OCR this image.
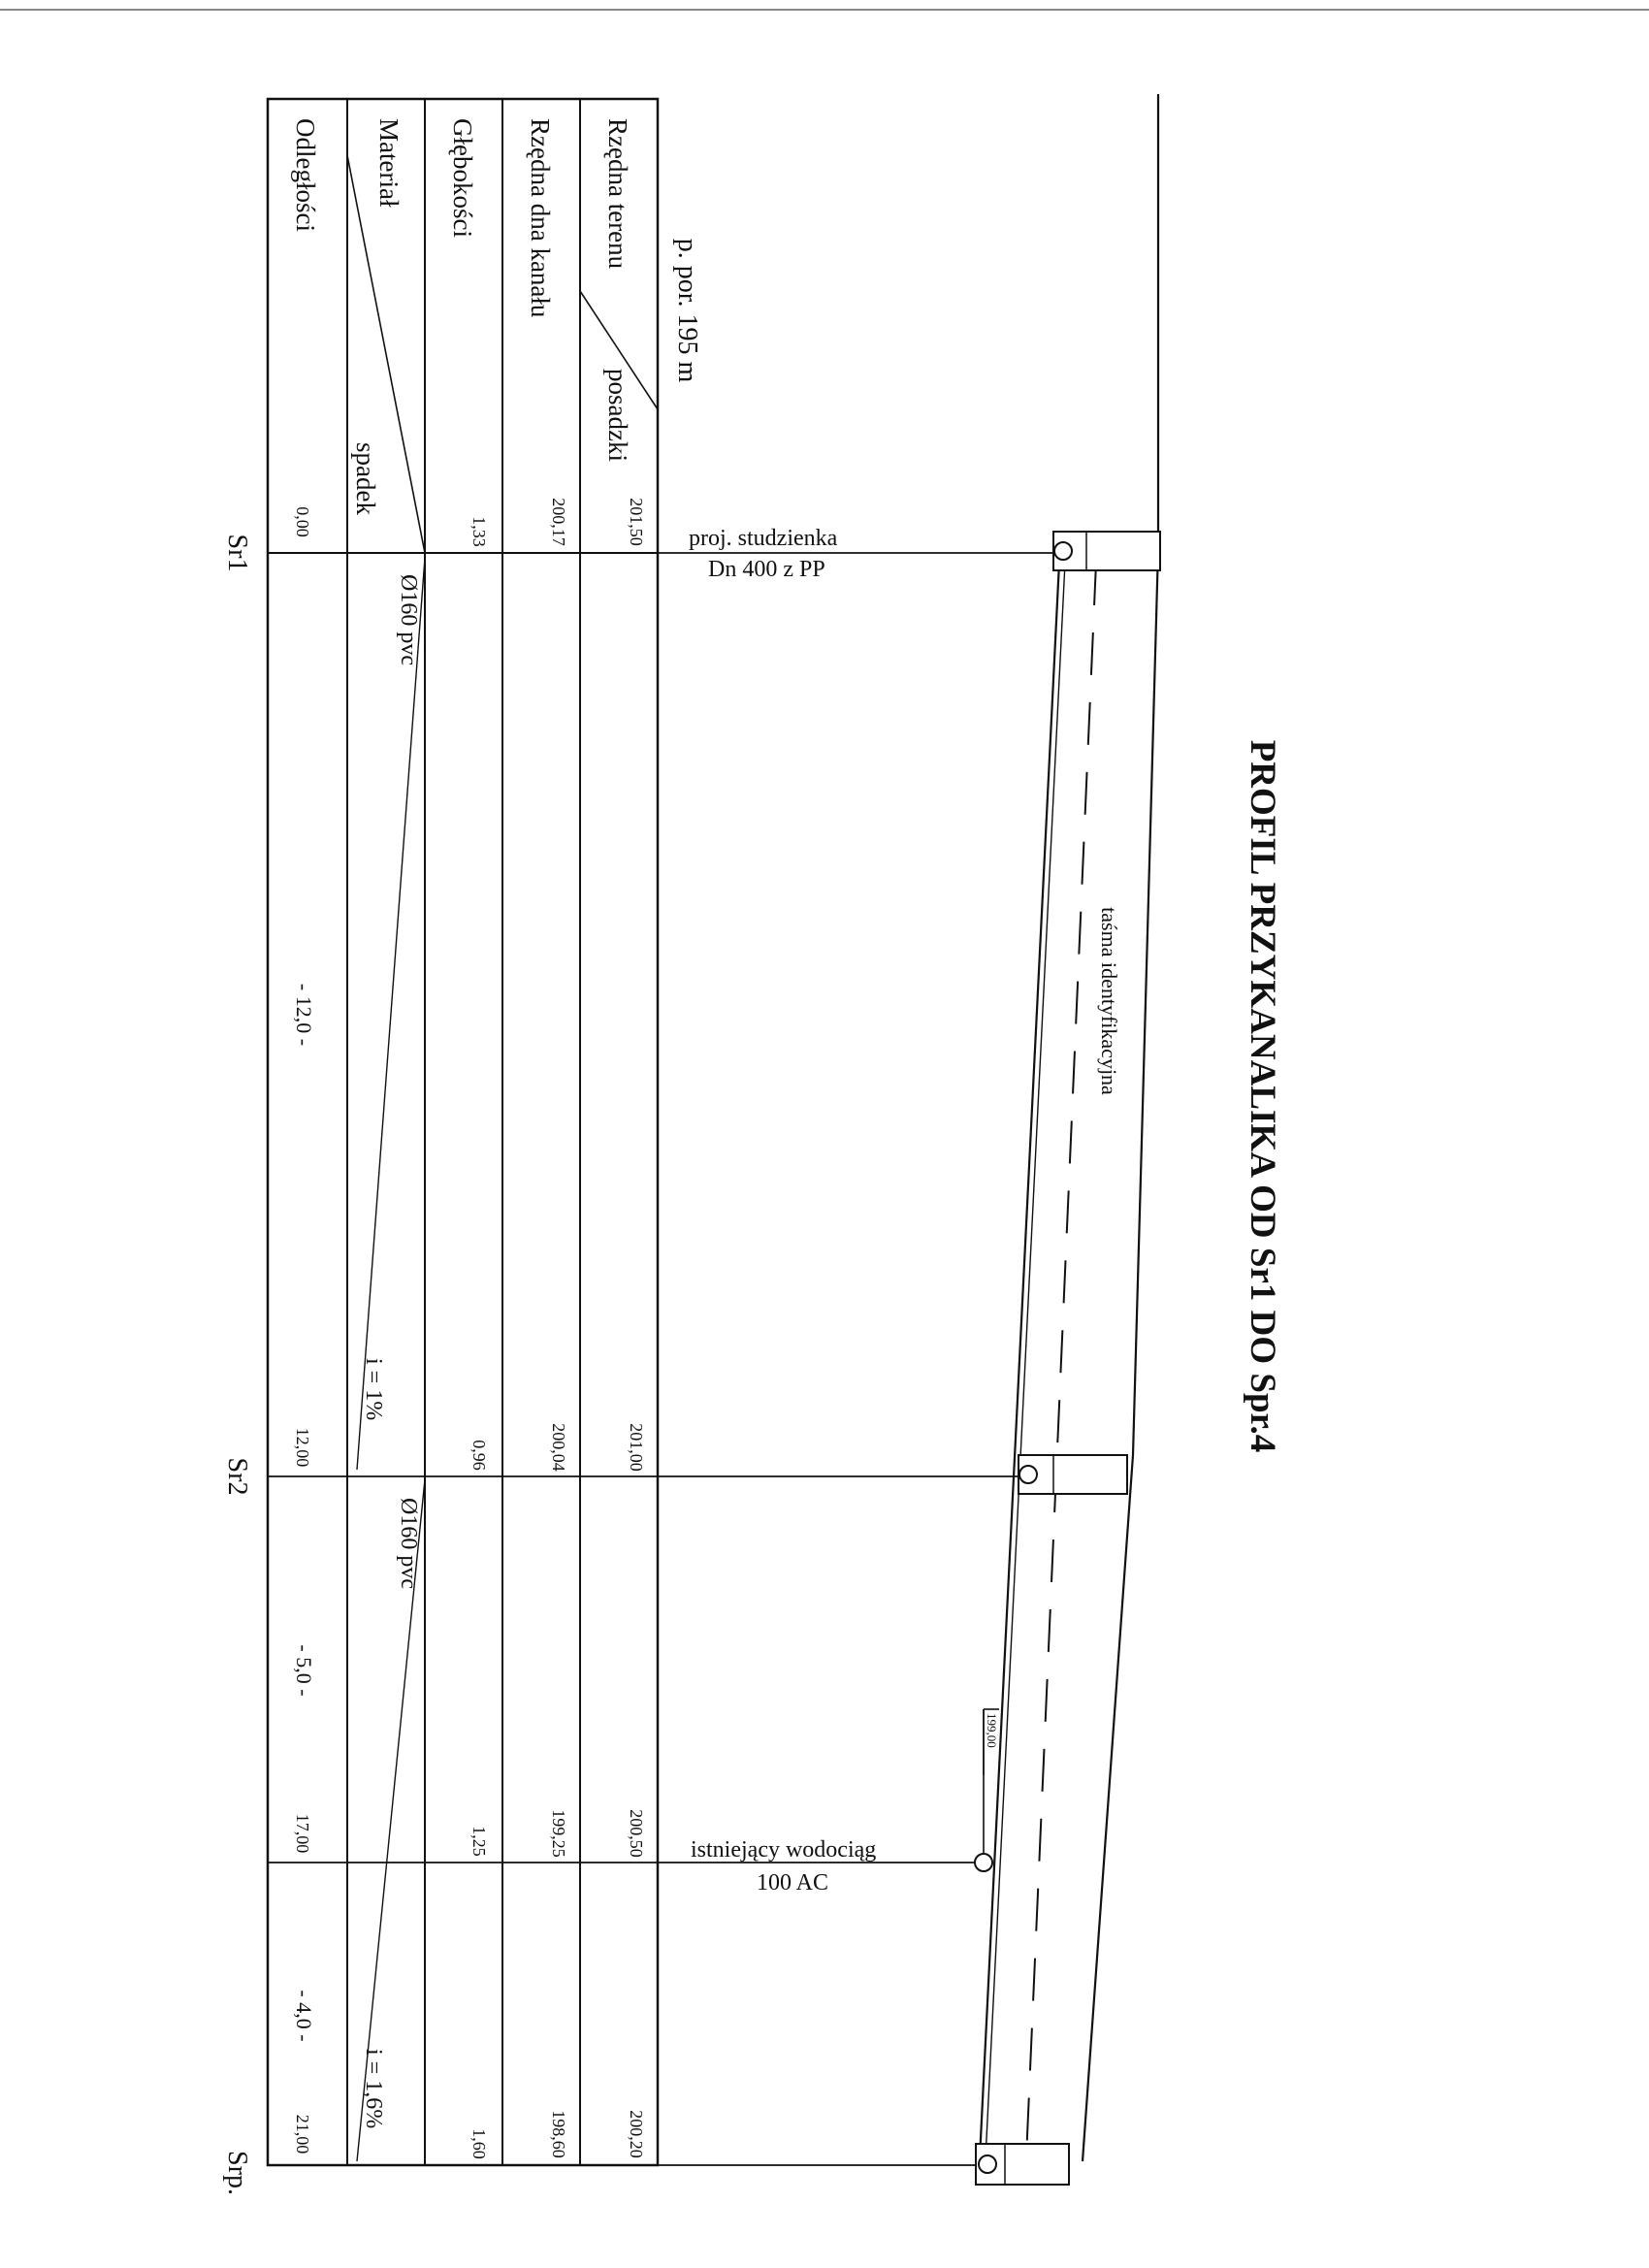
PROFIL PRZYKANALIKA OD Sr1 DO Spr.4
199,00
taśma identyfikacyjna
p. por. 195 m
Rzędna terenu
posadzki
Rzędna dna kanału
Głębokości
Materiał
spadek
Odległości
201,50
200,17
1,33
0,00
201,00
200,04
0,96
12,00
200,50
199,25
1,25
17,00
200,20
198,60
1,60
21,00
- 12,0 -
- 5,0 -
- 4,0 -
Ø160 pvc
i = 1%
Ø160 pvc
i = 1,6%
Sr1
Sr2
Srp.
proj. studzienka
Dn 400 z PP
istniejący wodociąg
100 AC
